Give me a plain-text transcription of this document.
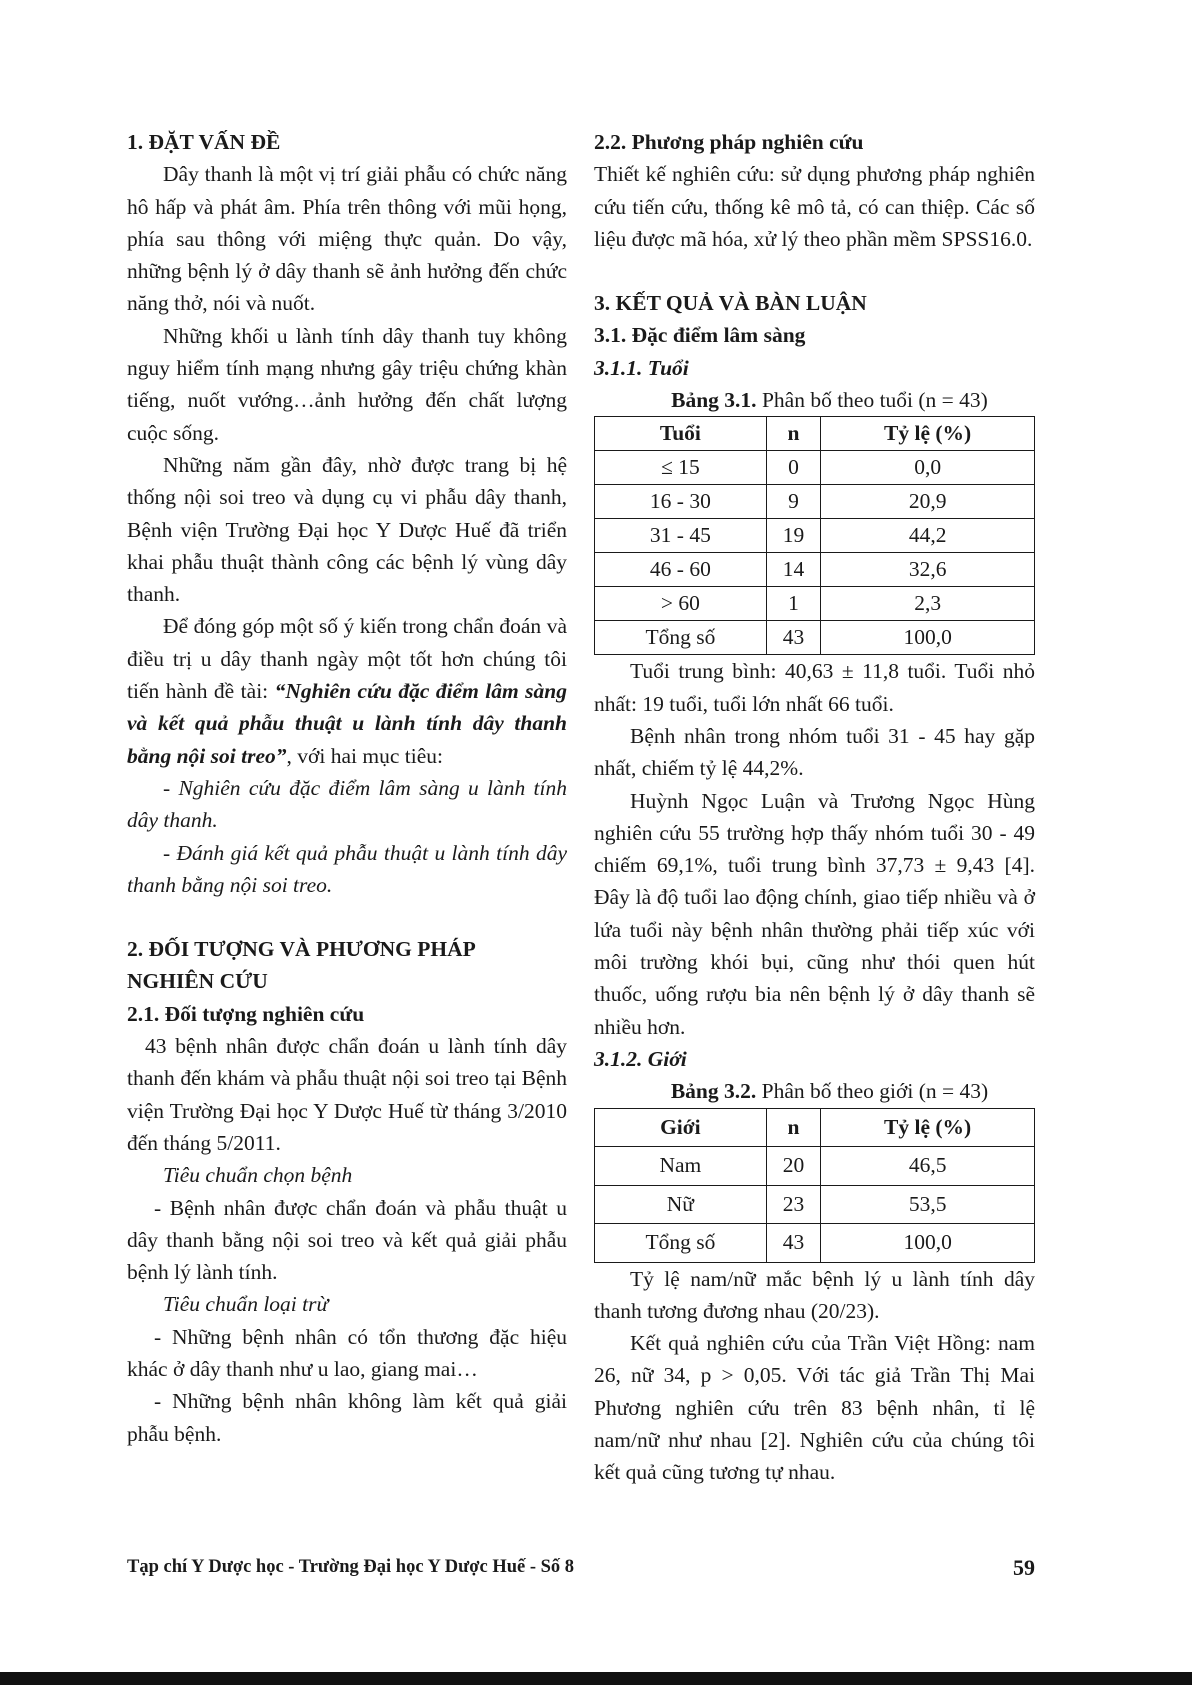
1. ĐẶT VẤN ĐỀ
Dây thanh là một vị trí giải phẫu có chức năng hô hấp và phát âm. Phía trên thông với mũi họng, phía sau thông với miệng thực quản. Do vậy, những bệnh lý ở dây thanh sẽ ảnh hưởng đến chức năng thở, nói và nuốt.
Những khối u lành tính dây thanh tuy không nguy hiểm tính mạng nhưng gây triệu chứng khàn tiếng, nuốt vướng…ảnh hưởng đến chất lượng cuộc sống.
Những năm gần đây, nhờ được trang bị hệ thống nội soi treo và dụng cụ vi phẫu dây thanh, Bệnh viện Trường Đại học Y Dược Huế đã triển khai phẫu thuật thành công các bệnh lý vùng dây thanh.
Để đóng góp một số ý kiến trong chẩn đoán và điều trị u dây thanh ngày một tốt hơn chúng tôi tiến hành đề tài: “Nghiên cứu đặc điểm lâm sàng và kết quả phẫu thuật u lành tính dây thanh bằng nội soi treo”, với hai mục tiêu:
- Nghiên cứu đặc điểm lâm sàng u lành tính dây thanh.
- Đánh giá kết quả phẫu thuật u lành tính dây thanh bằng nội soi treo.
2. ĐỐI TƯỢNG VÀ PHƯƠNG PHÁP NGHIÊN CỨU
2.1. Đối tượng nghiên cứu
43 bệnh nhân được chẩn đoán u lành tính dây thanh đến khám và phẫu thuật nội soi treo tại Bệnh viện Trường Đại học Y Dược Huế từ tháng 3/2010 đến tháng 5/2011.
Tiêu chuẩn chọn bệnh
- Bệnh nhân được chẩn đoán và phẫu thuật u dây thanh bằng nội soi treo và kết quả giải phẫu bệnh lý lành tính.
Tiêu chuẩn loại trừ
- Những bệnh nhân có tổn thương đặc hiệu khác ở dây thanh như u lao, giang mai…
- Những bệnh nhân không làm kết quả giải phẫu bệnh.
2.2. Phương pháp nghiên cứu
Thiết kế nghiên cứu: sử dụng phương pháp nghiên cứu tiến cứu, thống kê mô tả, có can thiệp. Các số liệu được mã hóa, xử lý theo phần mềm SPSS16.0.
3. KẾT QUẢ VÀ BÀN LUẬN
3.1. Đặc điểm lâm sàng
3.1.1. Tuổi
Bảng 3.1. Phân bố theo tuổi (n = 43)
Tuổi	n	Tỷ lệ (%)
≤ 15	0	0,0
16 - 30	9	20,9
31 - 45	19	44,2
46 - 60	14	32,6
> 60	1	2,3
Tổng số	43	100,0
Tuổi trung bình: 40,63 ± 11,8 tuổi. Tuổi nhỏ nhất: 19 tuổi, tuổi lớn nhất 66 tuổi.
Bệnh nhân trong nhóm tuổi 31 - 45 hay gặp nhất, chiếm tỷ lệ 44,2%.
Huỳnh Ngọc Luận và Trương Ngọc Hùng nghiên cứu 55 trường hợp thấy nhóm tuổi 30 - 49 chiếm 69,1%, tuổi trung bình 37,73 ± 9,43 [4]. Đây là độ tuổi lao động chính, giao tiếp nhiều và ở lứa tuổi này bệnh nhân thường phải tiếp xúc với môi trường khói bụi, cũng như thói quen hút thuốc, uống rượu bia nên bệnh lý ở dây thanh sẽ nhiều hơn.
3.1.2. Giới
Bảng 3.2. Phân bố theo giới (n = 43)
Giới	n	Tỷ lệ (%)
Nam	20	46,5
Nữ	23	53,5
Tổng số	43	100,0
Tỷ lệ nam/nữ mắc bệnh lý u lành tính dây thanh tương đương nhau (20/23).
Kết quả nghiên cứu của Trần Việt Hồng: nam 26, nữ 34, p > 0,05. Với tác giả Trần Thị Mai Phương nghiên cứu trên 83 bệnh nhân, tỉ lệ nam/nữ như nhau [2]. Nghiên cứu của chúng tôi kết quả cũng tương tự nhau.
Tạp chí Y Dược học - Trường Đại học Y Dược Huế - Số 8	59
